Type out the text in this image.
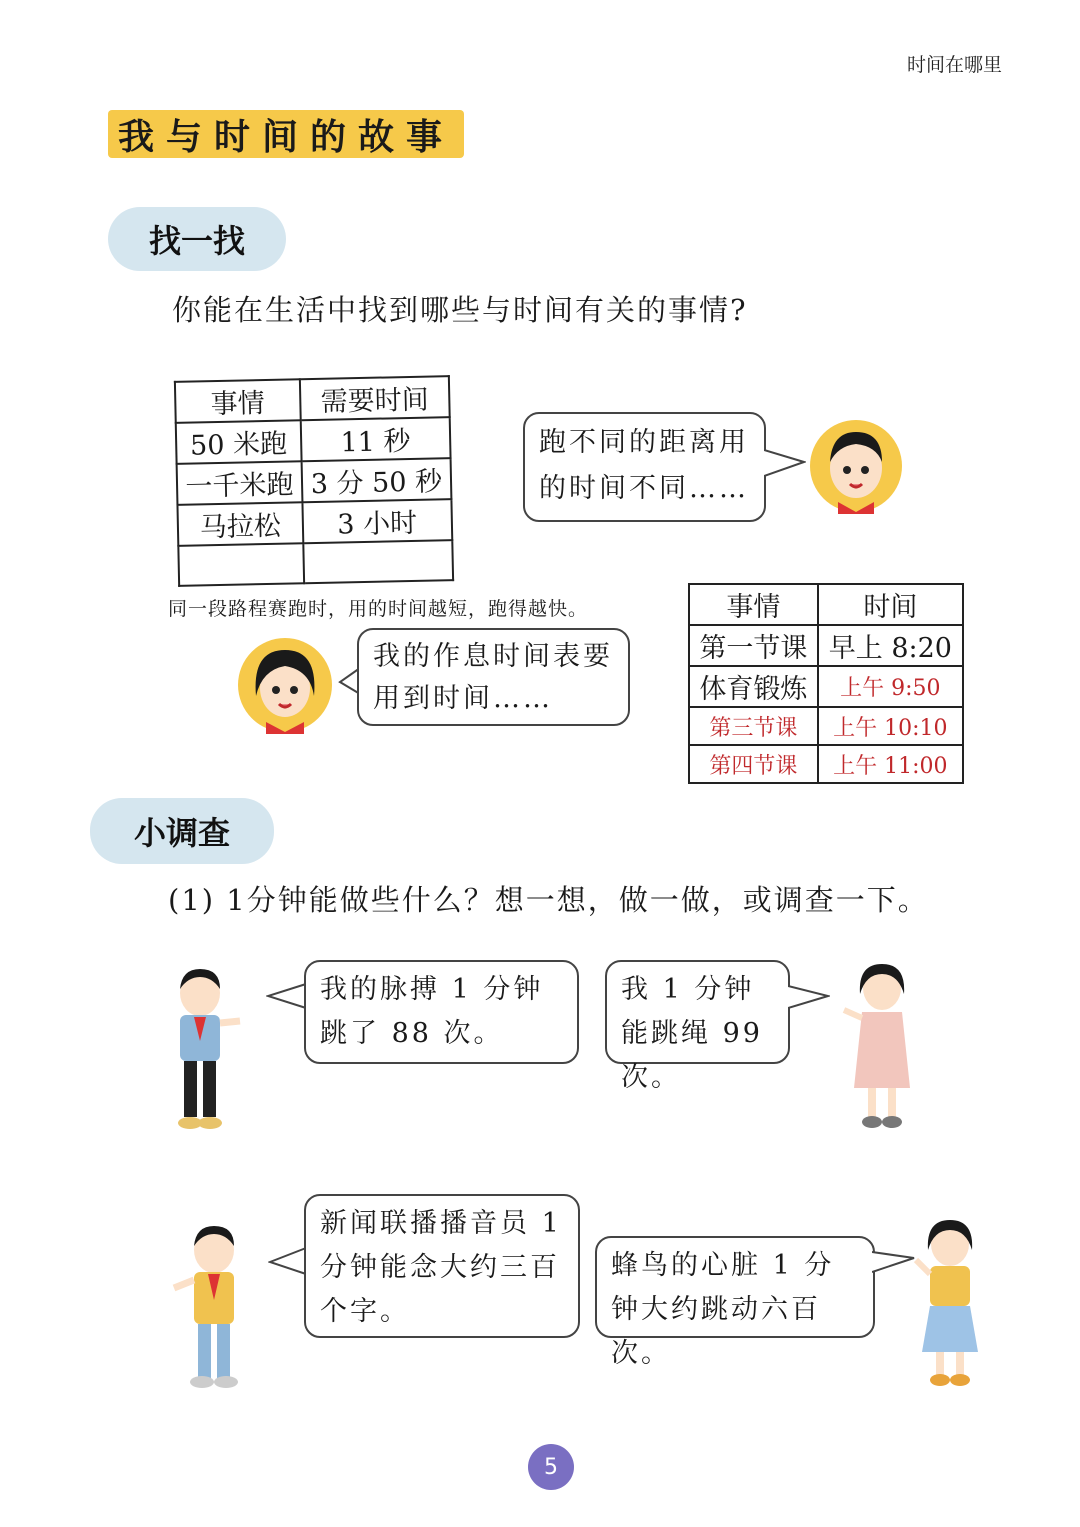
时间在哪里
我与时间的故事
找一找
你能在生活中找到哪些与时间有关的事情?
事情	需要时间
50 米跑	11 秒
一千米跑	3 分 50 秒
马拉松	3 小时

跑不同的距离用的时间不同……
同一段路程赛跑时，用的时间越短，跑得越快。
我的作息时间表要用到时间……
事情	时间
第一节课	早上 8:20
体育锻炼	上午 9:50
第三节课	上午 10:10
第四节课	上午 11:00
小调查
(1) 1分钟能做些什么？想一想，做一做，或调查一下。
我的脉搏 1 分钟跳了 88 次。
我 1 分钟能跳绳 99 次。
新闻联播播音员 1 分钟能念大约三百个字。
蜂鸟的心脏 1 分钟大约跳动六百次。
5
